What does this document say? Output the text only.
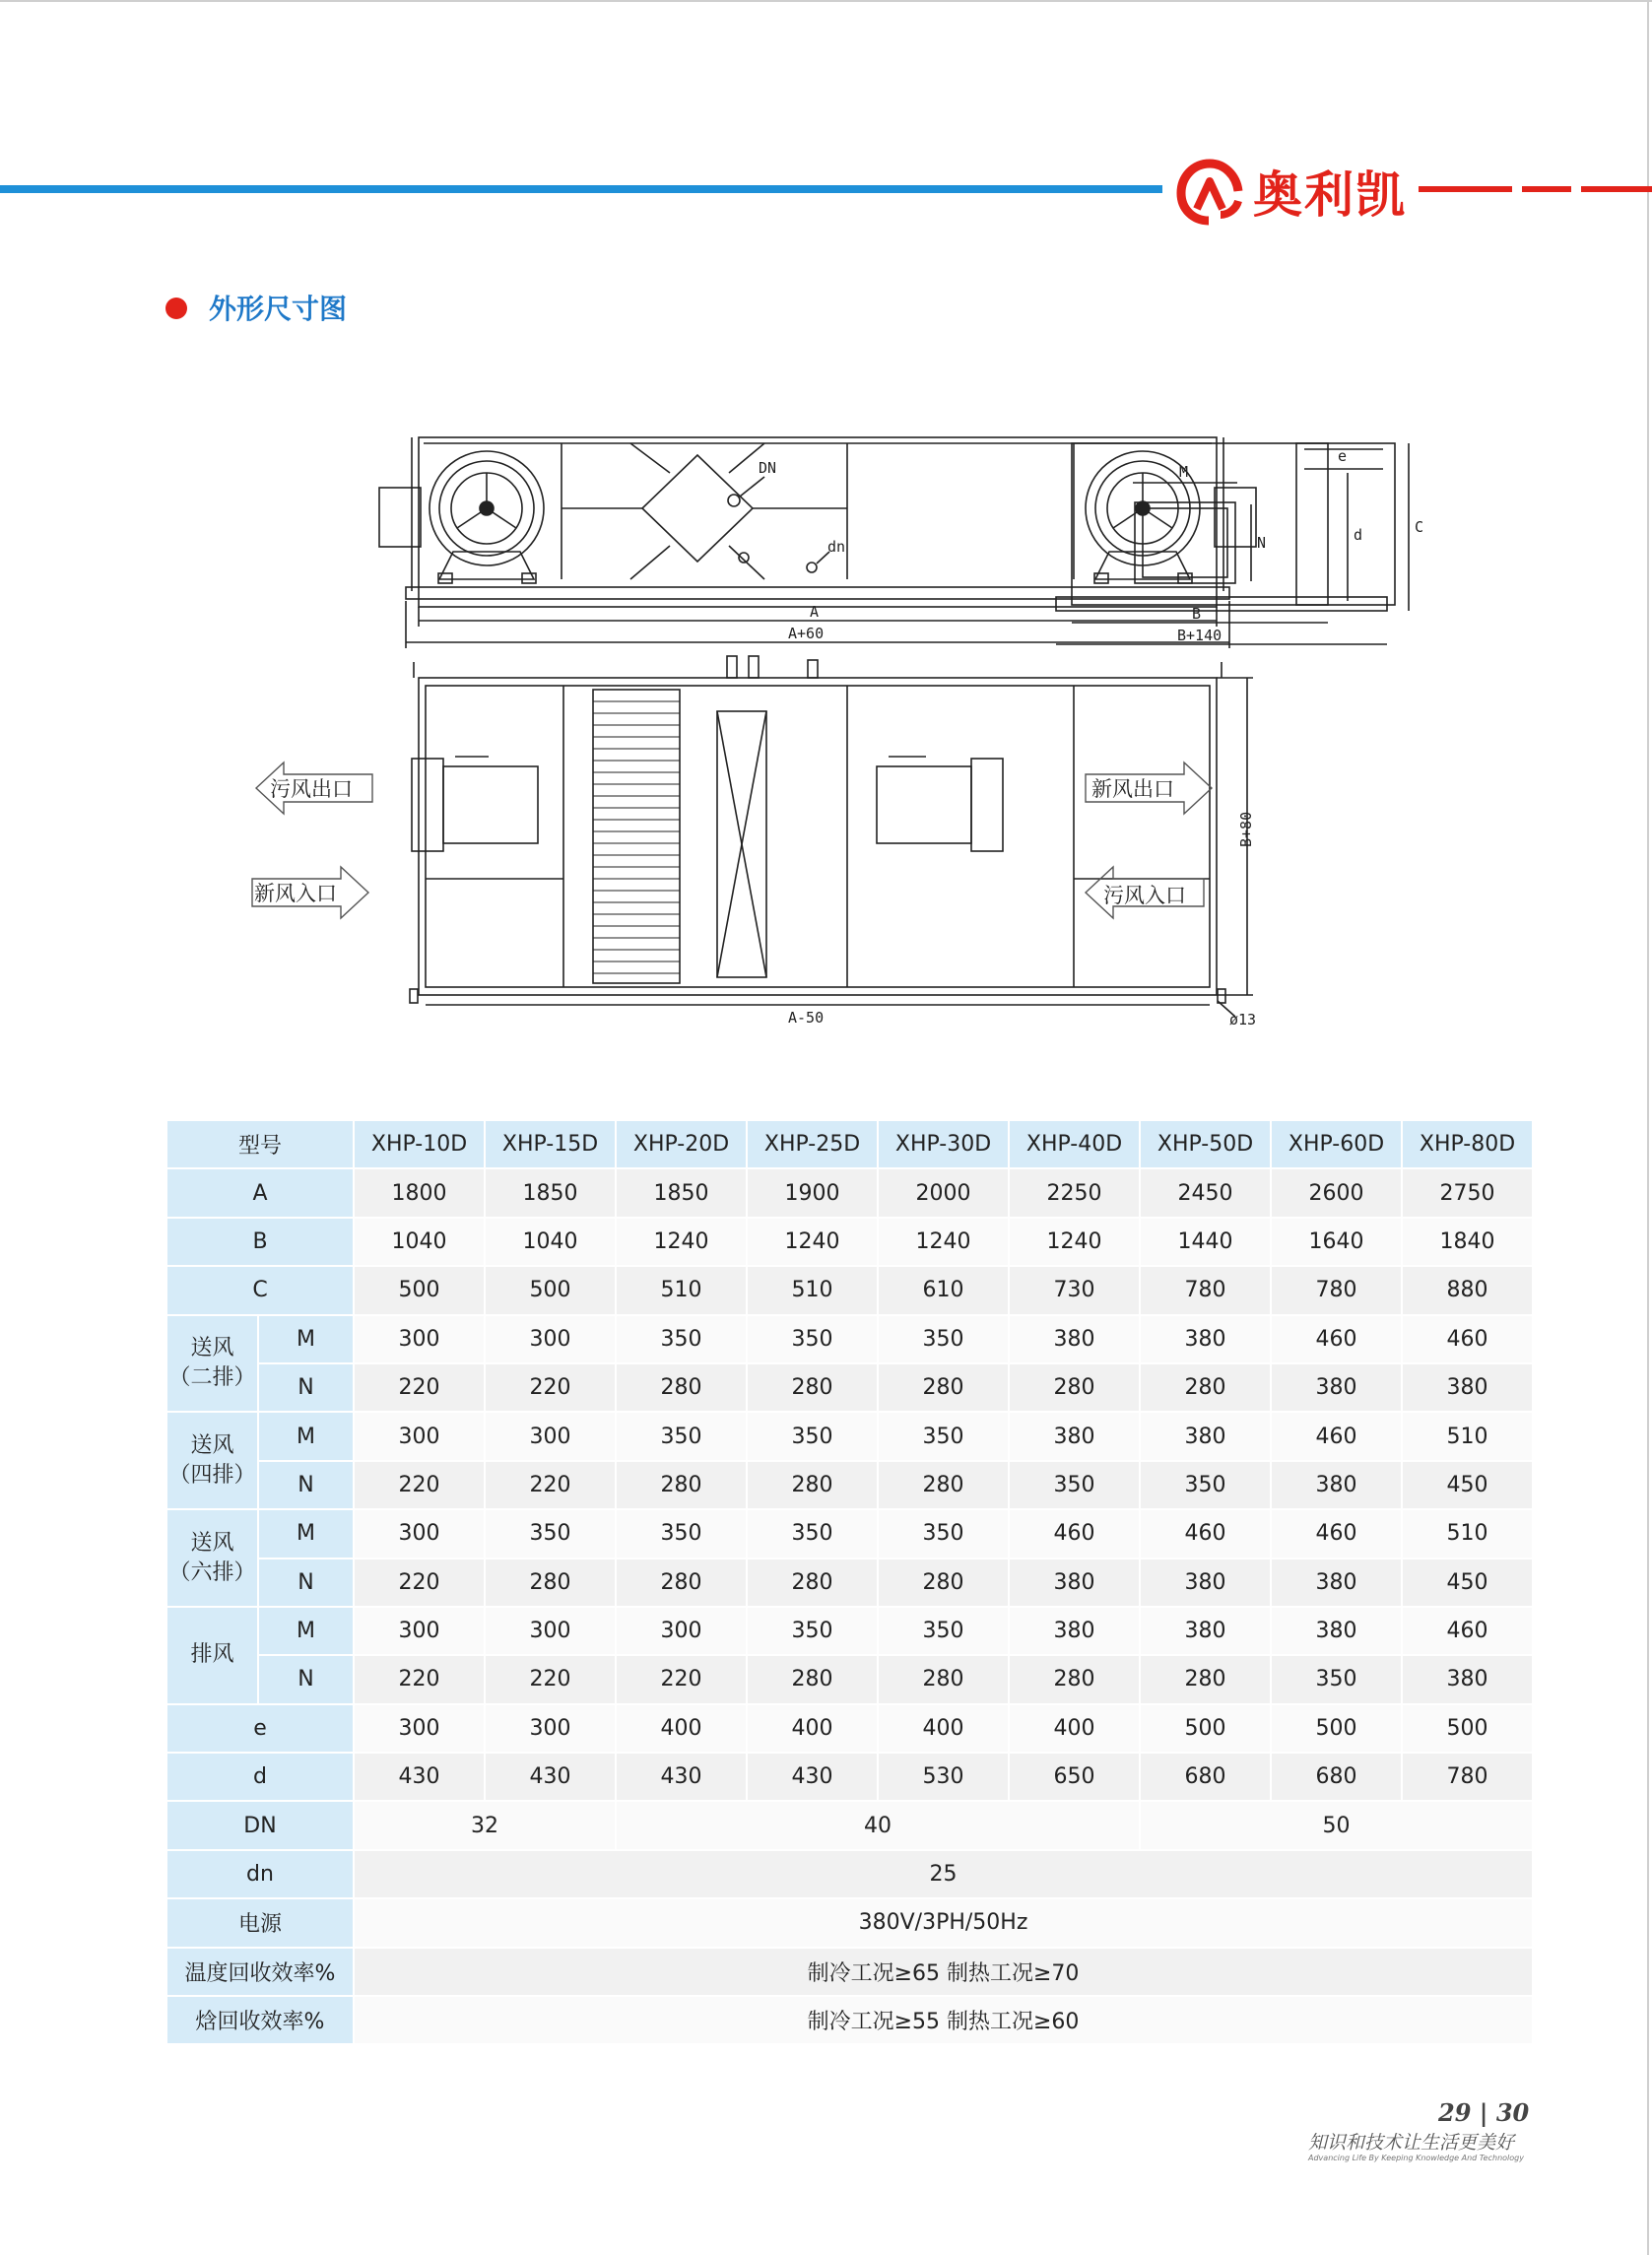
奥利凯
外形尺寸图
DN
dn
A
A+60
M
N
e
d	C
B
B+140
B+80
A-50	ø13
污风出口
新风入口
新风出口
污风入口
型号		XHP-10D	XHP-15D	XHP-20D	XHP-25D	XHP-30D	XHP-40D	XHP-50D	XHP-60D	XHP-80D
A		1800	1850	1850	1900	2000	2250	2450	2600	2750
B		1040	1040	1240	1240	1240	1240	1440	1640	1840
C		500	500	510	510	610	730	780	780	880
送风
（二排）	M	300	300	350	350	350	380	380	460	460
	N	220	220	280	280	280	280	280	380	380
送风
（四排）	M	300	300	350	350	350	380	380	460	510
	N	220	220	280	280	280	350	350	380	450
送风
（六排）	M	300	350	350	350	350	460	460	460	510
	N	220	280	280	280	280	380	380	380	450
排风	M	300	300	300	350	350	380	380	380	460
	N	220	220	220	280	280	280	280	350	380
e		300	300	400	400	400	400	500	500	500
d		430	430	430	430	530	650	680	680	780
DN		32		40				50		
dn		25								
电源		380V/3PH/50Hz								
温度回收效率%		制冷工况≥65 制热工况≥70								
焓回收效率%		制冷工况≥55 制热工况≥60								
29 | 30
知识和技术让生活更美好
Advancing Life By Keeping Knowledge And Technology
